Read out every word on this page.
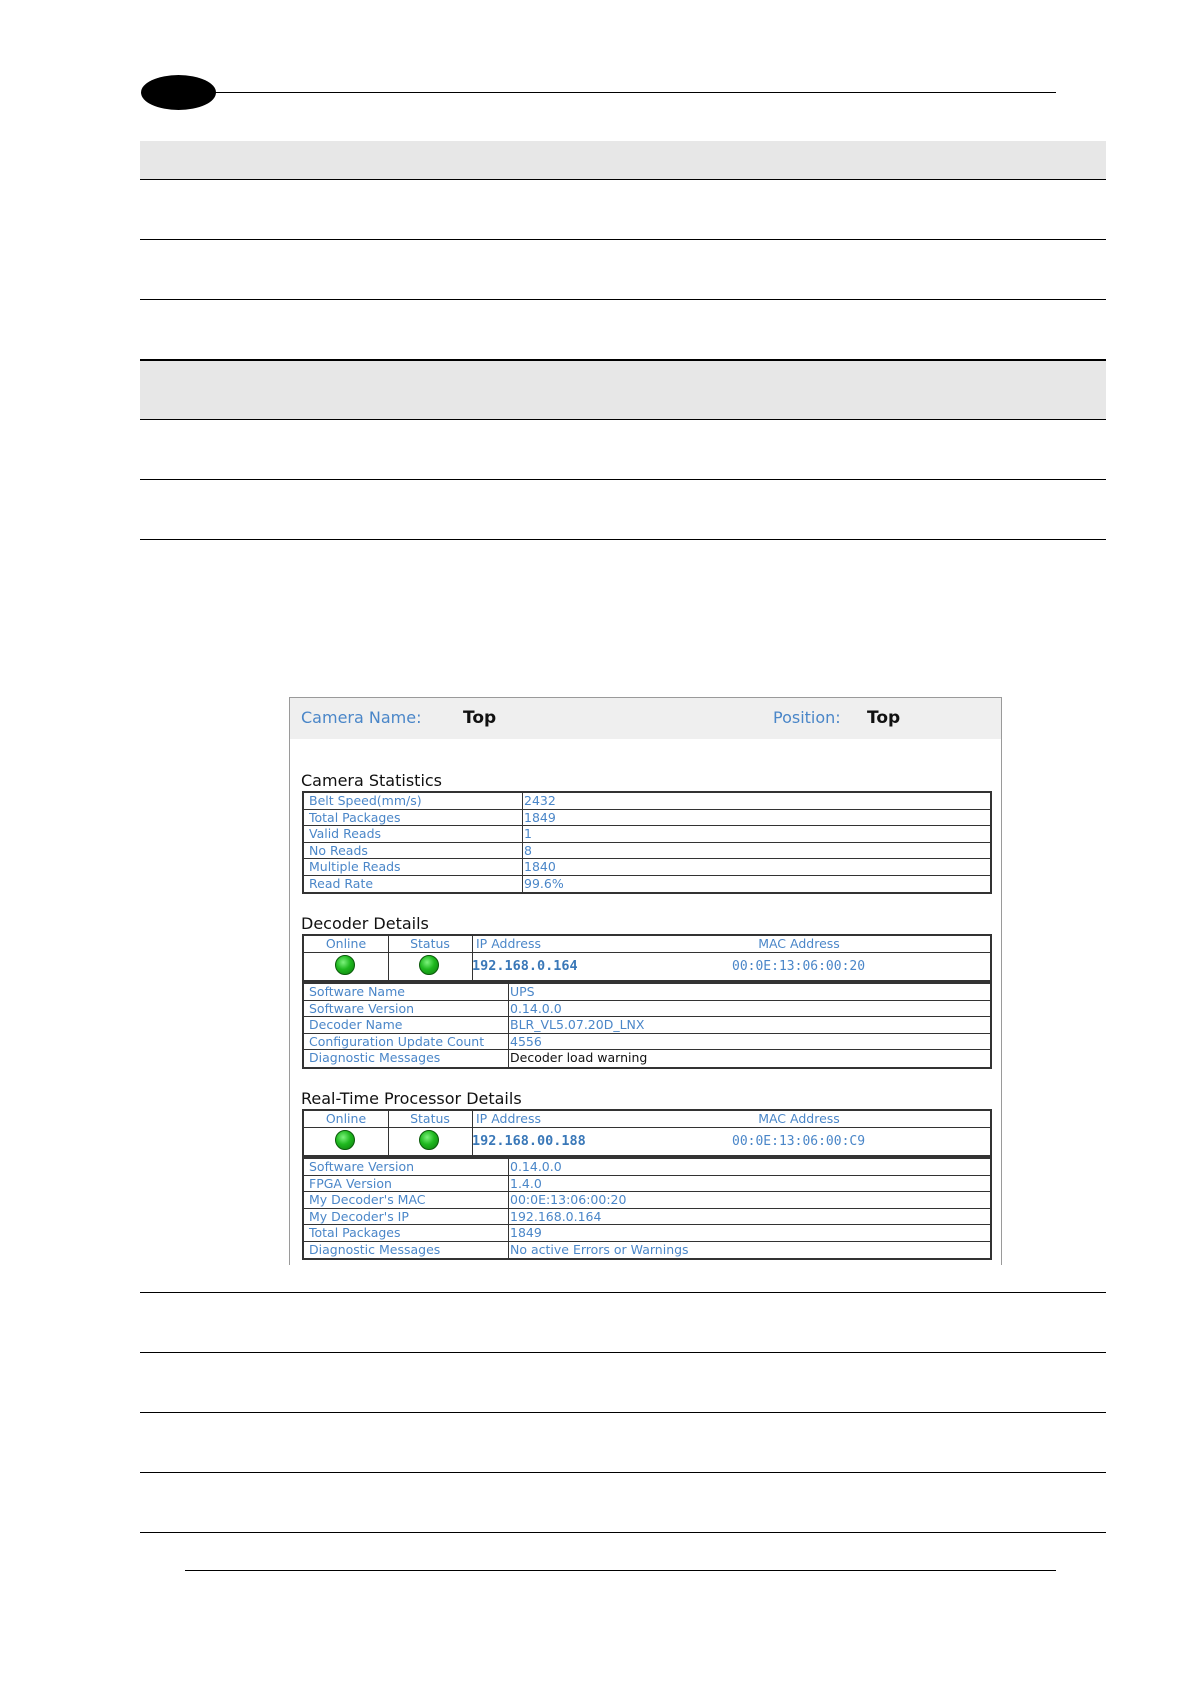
Camera Name: Top	Position: Top
Camera Statistics
Belt Speed(mm/s)	2432
Total Packages	1849
Valid Reads	1
No Reads	8
Multiple Reads	1840
Read Rate	99.6%
Decoder Details
Online	Status	IP Address	MAC Address
192.168.0.164	00:0E:13:06:00:20
Software Name	UPS
Software Version	0.14.0.0
Decoder Name	BLR_VL5.07.20D_LNX
Configuration Update Count	4556
Diagnostic Messages	Decoder load warning
Real-Time Processor Details
Online	Status	IP Address	MAC Address
192.168.00.188	00:0E:13:06:00:C9
Software Version	0.14.0.0
FPGA Version	1.4.0
My Decoder's MAC	00:0E:13:06:00:20
My Decoder's IP	192.168.0.164
Total Packages	1849
Diagnostic Messages	No active Errors or Warnings
